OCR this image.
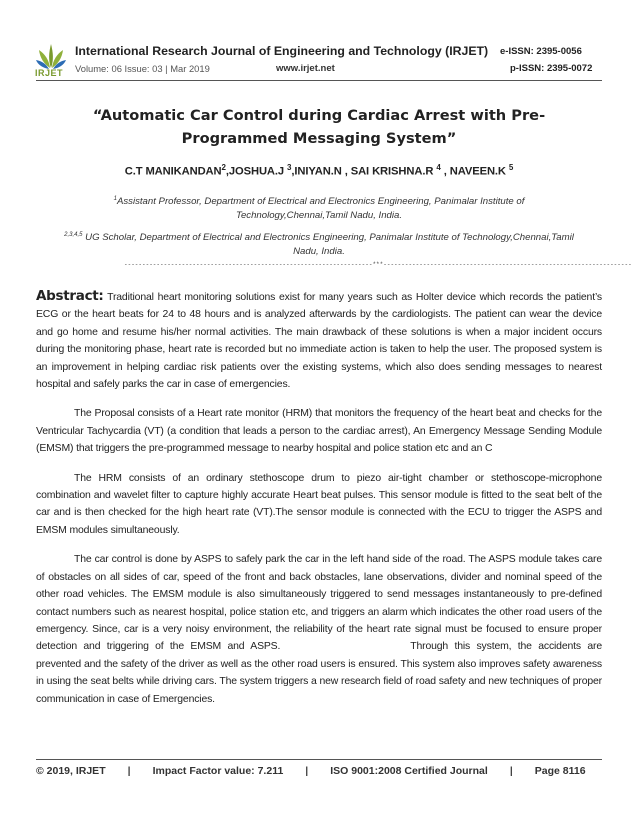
IRJET
International Research Journal of Engineering and Technology (IRJET) e-ISSN: 2395-0056
Volume: 06 Issue: 03 | Mar 2019	www.irjet.net	p-ISSN: 2395-0072
“Automatic Car Control during Cardiac Arrest with Pre-Programmed Messaging System”
C.T MANIKANDAN$^2$,JOSHUA.J $^3$,INIYAN.N , SAI KRISHNA.R $^4$ , NAVEEN.K $^5$
$^1$Assistant Professor, Department of Electrical and Electronics Engineering, Panimalar Institute of Technology,Chennai,Tamil Nadu, India.
$^{2,3,4,5}$ UG Scholar, Department of Electrical and Electronics Engineering, Panimalar Institute of Technology,Chennai,Tamil Nadu, India.
---------------------------------------------------------------------***---------------------------------------------------------------------

Abstract: Traditional heart monitoring solutions exist for many years such as Holter device which records the patient’s ECG or the heart beats for 24 to 48 hours and is analyzed afterwards by the cardiologists. The patient can wear the device and go home and resume his/her normal activities. The main drawback of these solutions is when a major incident occurs during the monitoring phase, heart rate is recorded but no immediate action is taken to help the user. The proposed system is an improvement in helping cardiac risk patients over the existing systems, which also does sending messages to nearest hospital and safely parks the car in case of emergencies.

The Proposal consists of a Heart rate monitor (HRM) that monitors the frequency of the heart beat and checks for the Ventricular Tachycardia (VT) (a condition that leads a person to the cardiac arrest), An Emergency Message Sending Module (EMSM) that triggers the pre-programmed message to nearby hospital and police station etc and an C

The HRM consists of an ordinary stethoscope drum to piezo air-tight chamber or stethoscope-microphone combination and wavelet filter to capture highly accurate Heart beat pulses. This sensor module is fitted to the seat belt of the car and is then checked for the high heart rate (VT).The sensor module is connected with the ECU to trigger the ASPS and EMSM modules simultaneously.

The car control is done by ASPS to safely park the car in the left hand side of the road. The ASPS module takes care of obstacles on all sides of car, speed of the front and back obstacles, lane observations, divider and nominal speed of the other road vehicles. The EMSM module is also simultaneously triggered to send messages instantaneously to pre-defined contact numbers such as nearest hospital, police station etc, and triggers an alarm which indicates the other road users of the emergency. Since, car is a very noisy environment, the reliability of the heart rate signal must be focused to ensure proper detection and triggering of the EMSM and ASPS.	Through this system, the accidents are prevented and the safety of the driver as well as the other road users is ensured. This system also improves safety awareness in using the seat belts while driving cars. The system triggers a new research field of road safety and new techniques of proper communication in case of Emergencies.

© 2019, IRJET | Impact Factor value: 7.211 | ISO 9001:2008 Certified Journal | Page 8116
